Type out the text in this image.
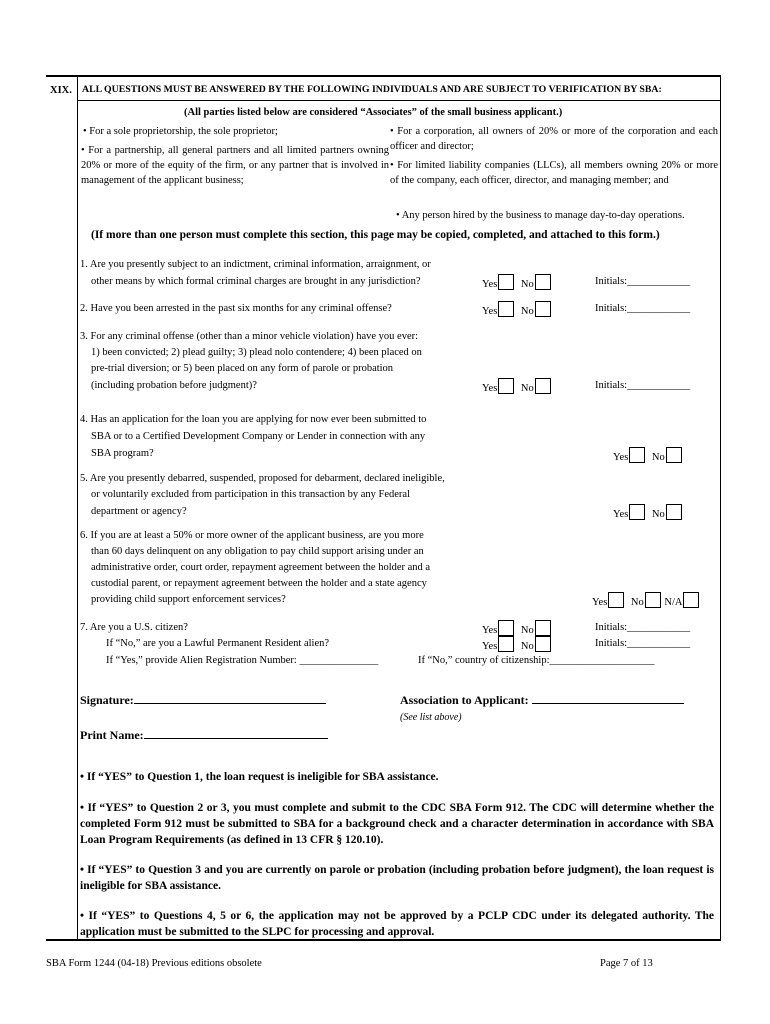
XIX. ALL QUESTIONS MUST BE ANSWERED BY THE FOLLOWING INDIVIDUALS AND ARE SUBJECT TO VERIFICATION BY SBA:
(All parties listed below are considered “Associates” of the small business applicant.)
• For a sole proprietorship, the sole proprietor;
• For a partnership, all general partners and all limited partners owning 20% or more of the equity of the firm, or any partner that is involved in management of the applicant business;
• For a corporation, all owners of 20% or more of the corporation and each officer and director;
• For limited liability companies (LLCs), all members owning 20% or more of the company, each officer, director, and managing member; and
• Any person hired by the business to manage day-to-day operations.
(If more than one person must complete this section, this page may be copied, completed, and attached to this form.)
1. Are you presently subject to an indictment, criminal information, arraignment, or
other means by which formal criminal charges are brought in any jurisdiction?	Yes No	Initials:____________
2. Have you been arrested in the past six months for any criminal offense?	Yes No	Initials:____________
3. For any criminal offense (other than a minor vehicle violation) have you ever:
1) been convicted; 2) plead guilty; 3) plead nolo contendere; 4) been placed on
pre-trial diversion; or 5) been placed on any form of parole or probation
(including probation before judgment)?	Yes No	Initials:____________
4. Has an application for the loan you are applying for now ever been submitted to
SBA or to a Certified Development Company or Lender in connection with any
SBA program?	Yes No
5. Are you presently debarred, suspended, proposed for debarment, declared ineligible,
or voluntarily excluded from participation in this transaction by any Federal
department or agency?	Yes No
6. If you are at least a 50% or more owner of the applicant business, are you more
than 60 days delinquent on any obligation to pay child support arising under an
administrative order, court order, repayment agreement between the holder and a
custodial parent, or repayment agreement between the holder and a state agency
providing child support enforcement services?	Yes No N/A
7. Are you a U.S. citizen?	Yes No	Initials:____________
If “No,” are you a Lawful Permanent Resident alien?	Yes No	Initials:____________
If “Yes,” provide Alien Registration Number: _______________	If “No,” country of citizenship:____________________
Signature:	Association to Applicant:
(See list above)
Print Name:
• If “YES” to Question 1, the loan request is ineligible for SBA assistance.
• If “YES” to Question 2 or 3, you must complete and submit to the CDC SBA Form 912. The CDC will determine whether the completed Form 912 must be submitted to SBA for a background check and a character determination in accordance with SBA Loan Program Requirements (as defined in 13 CFR § 120.10).
• If “YES” to Question 3 and you are currently on parole or probation (including probation before judgment), the loan request is ineligible for SBA assistance.
• If “YES” to Questions 4, 5 or 6, the application may not be approved by a PCLP CDC under its delegated authority. The application must be submitted to the SLPC for processing and approval.
SBA Form 1244 (04-18) Previous editions obsolete	Page 7 of 13
